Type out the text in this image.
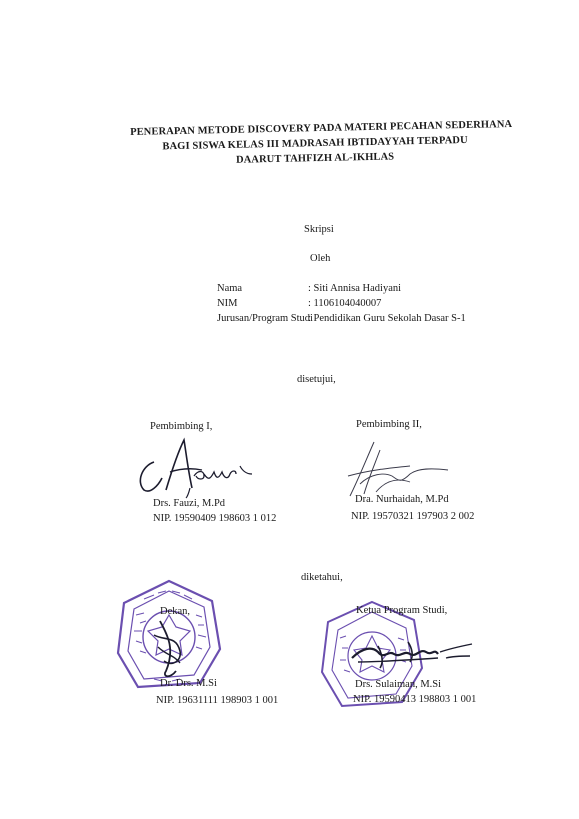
PENERAPAN METODE DISCOVERY PADA MATERI PECAHAN SEDERHANA
BAGI SISWA KELAS III MADRASAH IBTIDAYYAH TERPADU
DAARUT TAHFIZH AL-IKHLAS
Skripsi
Oleh
Nama	: Siti Annisa Hadiyani
NIM	: 1106104040007
Jurusan/Program Studi
: Pendidikan Guru Sekolah Dasar S-1
disetujui,
Pembimbing I,
Drs. Fauzi, M.Pd
NIP. 19590409 198603 1 012
Pembimbing II,
Dra. Nurhaidah, M.Pd
NIP. 19570321 197903 2 002
diketahui,
Dekan,
Dr. Drs. M.Si
NIP. 19631111 198903 1 001
Ketua Program Studi,
Drs. Sulaiman, M.Si
NIP. 19590413 198803 1 001
